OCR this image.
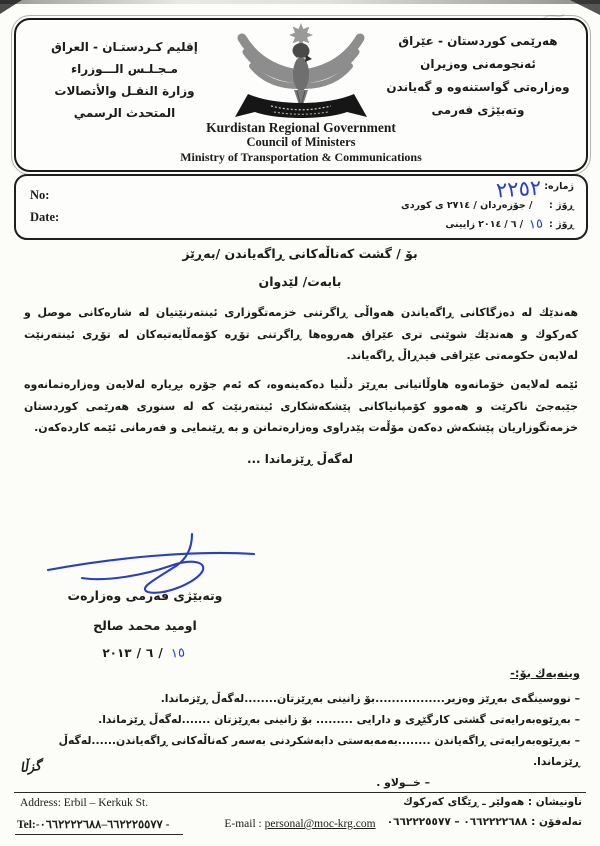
إقليم كـردستـان - العراق
مـجـلـس الـــوزراء
وزارة النقـل والأتصالات
المتحدث الرسمي
هەرێمی کوردستان - عێراق
ئەنجومەنی وەزیران
وەزارەتی گواستنەوە و گەیاندن
وتەبێژی فەرمی
Kurdistan Regional Government
Council of Ministers
Ministry of Transportation & Communications
No:
Date:
٢٢٥٢ ژماره:
ڕۆژ :     / جۆزەردان / ٢٧١٤ ی کوردی
زایینی ٢٠١٤ / ٦ / ١٥ ڕۆژ :
بۆ / گشت کەناڵەکانی ڕاگەیاندن /بەڕێز
بابەت/ لێدوان
هەندێك لە دەزگاکانی ڕاگەیاندن هەواڵی ڕاگرتنی خزمەتگوزاری ئینتەرنێتیان لە شارەکانی موصل و کەرکوك و هەندێك شوێنی تری عێراق هەروەها ڕاگرتنی تۆڕە کۆمەڵایەتیەکان لە تۆڕی ئینتەرنێت لەلایەن حکومەتی عێراقی فیدڕاڵ ڕاگەیاند.
ئێمە لەلایەن خۆمانەوە هاوڵاتیانی بەڕێز دڵنیا دەکەینەوە، کە ئەم جۆرە بڕیارە لەلایەن وەزارەتمانەوە جێبەجێ ناکرێت و هەموو کۆمپانیاکانی پێشکەشکاری ئینتەرنێت کە لە سنوری هەرێمی کوردستان خزمەتگوزاریان پێشکەش دەکەن مۆڵەت پێدراوی وەزارەتمانن و بە ڕێنمایی و فەرمانی ئێمە کاردەکەن.
لەگەڵ ڕێزماندا ...
وتەبێژی فەرمی وەزارەت
اوميد محمد صالح
٢٠١٣ / ٦ / ١٥
وینەیەك بۆ:-
– نووسینگەی بەڕێز وەزیر.................بۆ زانینی بەڕێزتان........لەگەڵ ڕێزماندا.
– بەڕێوەبەرایەتی گشتی کارگێڕی و دارایی ......... بۆ زانینی بەڕێزتان .......لەگەڵ ڕێزماندا.
– بەڕێوەبەرایەتی ڕاگەیاندن ........بەمەبەستی دابەشکردنی بەسەر کەناڵەکانی ڕاگەیاندن......لەگەڵ ڕێزماندا.
– خــولاو .
گزڵا
Address: Erbil – Kerkuk St.	ناونیشان : هەولێر ـ ڕێگای کەرکوك
Tel:-٦٦٢٢٢٥٥٧٧–٠٦٦٢٢٢٢٦٨٨ -	E-mail : personal@moc-krg.com	تەلەفۆن : ٠٦٦٢٢٢٢٦٨٨ – ٠٦٦٢٢٢٥٥٧٧
